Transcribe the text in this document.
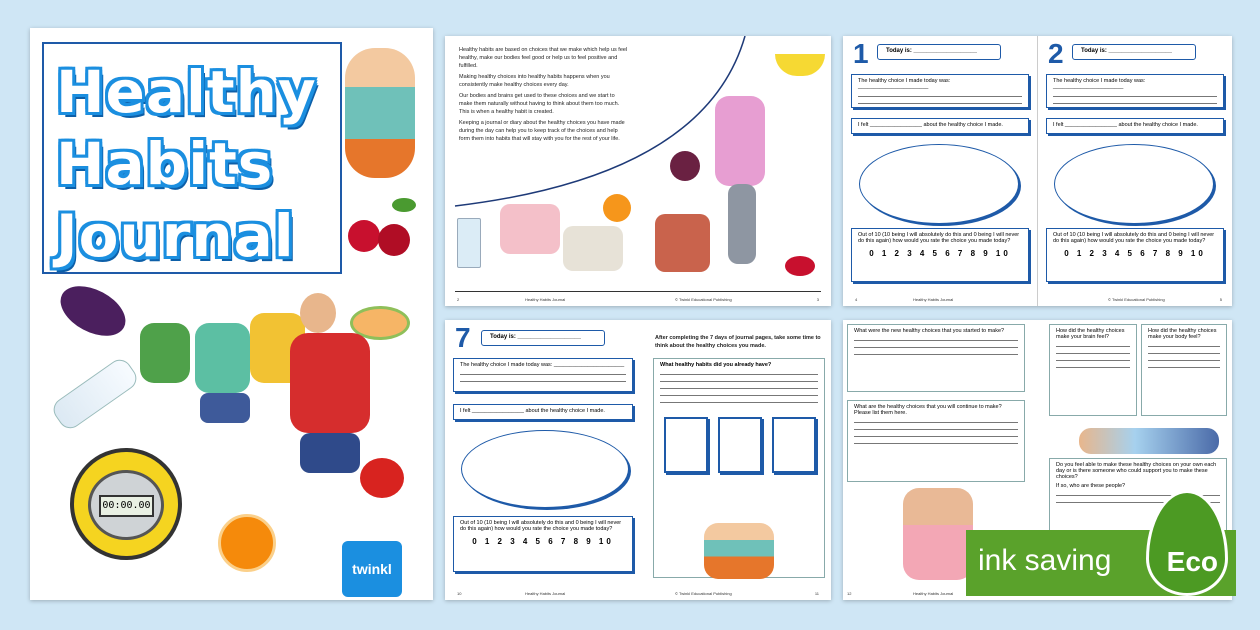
Healthy
Habits
Journal
00:00.00
twinkl

Healthy habits are based on choices that we make which help us feel healthy, make our bodies feel good or help us to feel positive and fulfilled.

Making healthy choices into healthy habits happens when you consistently make healthy choices every day.

Our bodies and brains get used to these choices and we start to make them naturally without having to think about them too much. This is when a healthy habit is created.

Keeping a journal or diary about the healthy choices you have made during the day can help you to keep track of the choices and help form them into habits that will stay with you for the rest of your life.

2	Healthy Habits Journal	© Twinkl Educational Publishing	3
1	Today is: ___________________
The healthy choice I made today was: _______________________
I felt _________________ about the healthy choice I made.
Out of 10 (10 being I will absolutely do this and 0 being I will never do this again) how would you rate the choice you made today?
0 1 2 3 4 5 6 7 8 9 10
4	Healthy Habits Journal
2	Today is: ___________________
The healthy choice I made today was: _______________________
I felt _________________ about the healthy choice I made.
Out of 10 (10 being I will absolutely do this and 0 being I will never do this again) how would you rate the choice you made today?
0 1 2 3 4 5 6 7 8 9 10
© Twinkl Educational Publishing	5
7	Today is: ___________________
The healthy choice I made today was: _______________________
I felt _________________ about the healthy choice I made.
Out of 10 (10 being I will absolutely do this and 0 being I will never do this again) how would you rate the choice you made today?
0 1 2 3 4 5 6 7 8 9 10
After completing the 7 days of journal pages, take some time to think about the healthy choices you made.
What healthy habits did you already have?
10	Healthy Habits Journal	© Twinkl Educational Publishing	11
What were the new healthy choices that you started to make?	How did the healthy choices make your brain feel?
How did the healthy choices make your body feel?
What are the healthy choices that you will continue to make? Please list them here.
Do you feel able to make these healthy choices on your own each day or is there someone who could support you to make these choices?
If so, who are these people?
12	Healthy Habits Journal
ink saving Eco
